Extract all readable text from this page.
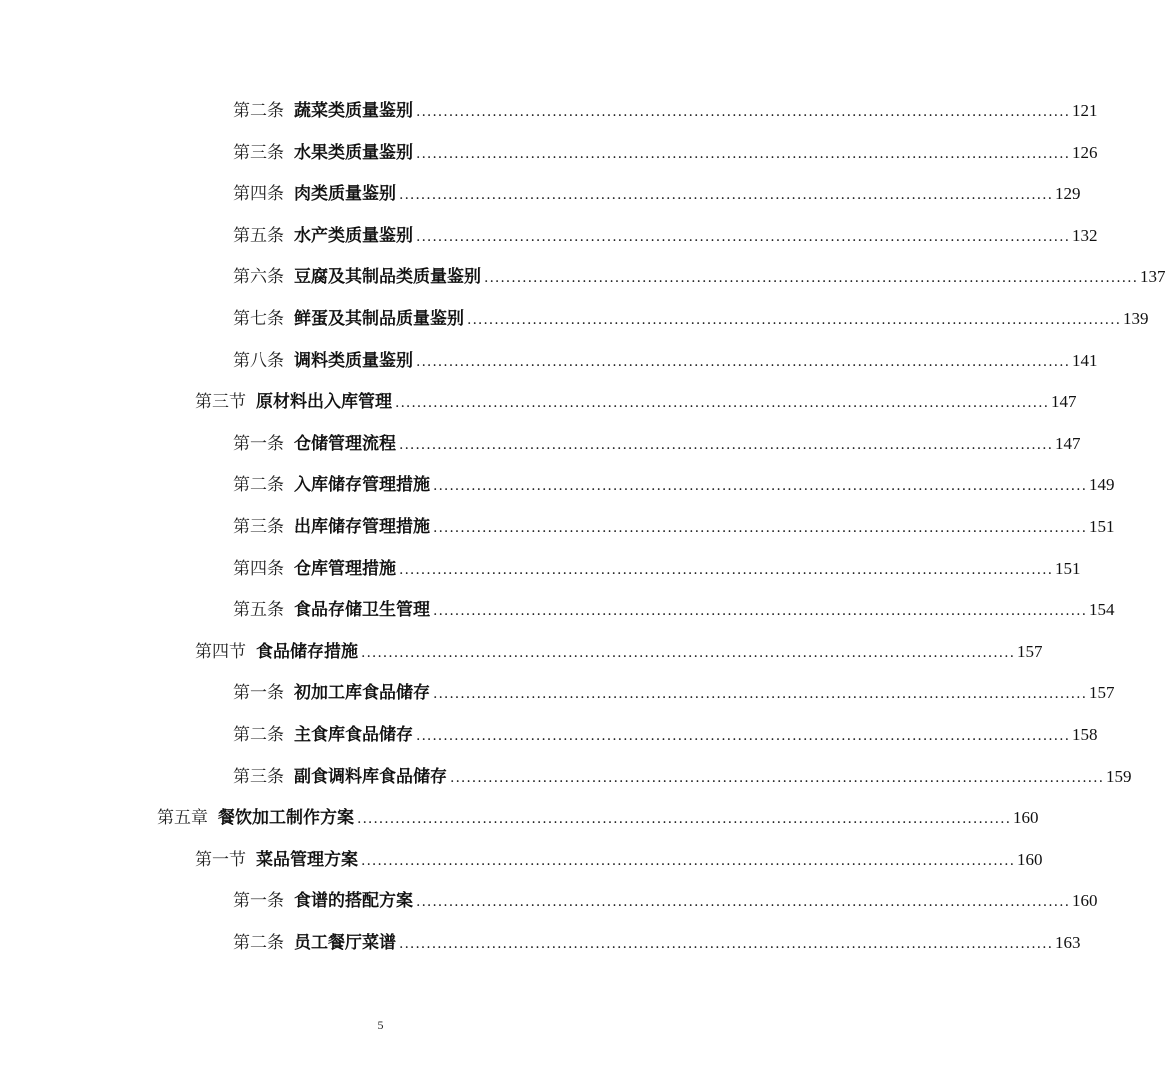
第二条 蔬菜类质量鉴别 ........................................................................................................................ 121
第三条 水果类质量鉴别 ........................................................................................................................ 126
第四条 肉类质量鉴别 ........................................................................................................................ 129
第五条 水产类质量鉴别 ........................................................................................................................ 132
第六条 豆腐及其制品类质量鉴别 ........................................................................................................................ 137
第七条 鲜蛋及其制品质量鉴别 ........................................................................................................................ 139
第八条 调料类质量鉴别 ........................................................................................................................ 141
第三节 原材料出入库管理 ........................................................................................................................ 147
第一条 仓储管理流程 ........................................................................................................................ 147
第二条 入库储存管理措施 ........................................................................................................................ 149
第三条 出库储存管理措施 ........................................................................................................................ 151
第四条 仓库管理措施 ........................................................................................................................ 151
第五条 食品存储卫生管理 ........................................................................................................................ 154
第四节 食品储存措施 ........................................................................................................................ 157
第一条 初加工库食品储存 ........................................................................................................................ 157
第二条 主食库食品储存 ........................................................................................................................ 158
第三条 副食调料库食品储存 ........................................................................................................................ 159
第五章 餐饮加工制作方案 ........................................................................................................................ 160
第一节 菜品管理方案 ........................................................................................................................ 160
第一条 食谱的搭配方案 ........................................................................................................................ 160
第二条 员工餐厅菜谱 ........................................................................................................................ 163
5
